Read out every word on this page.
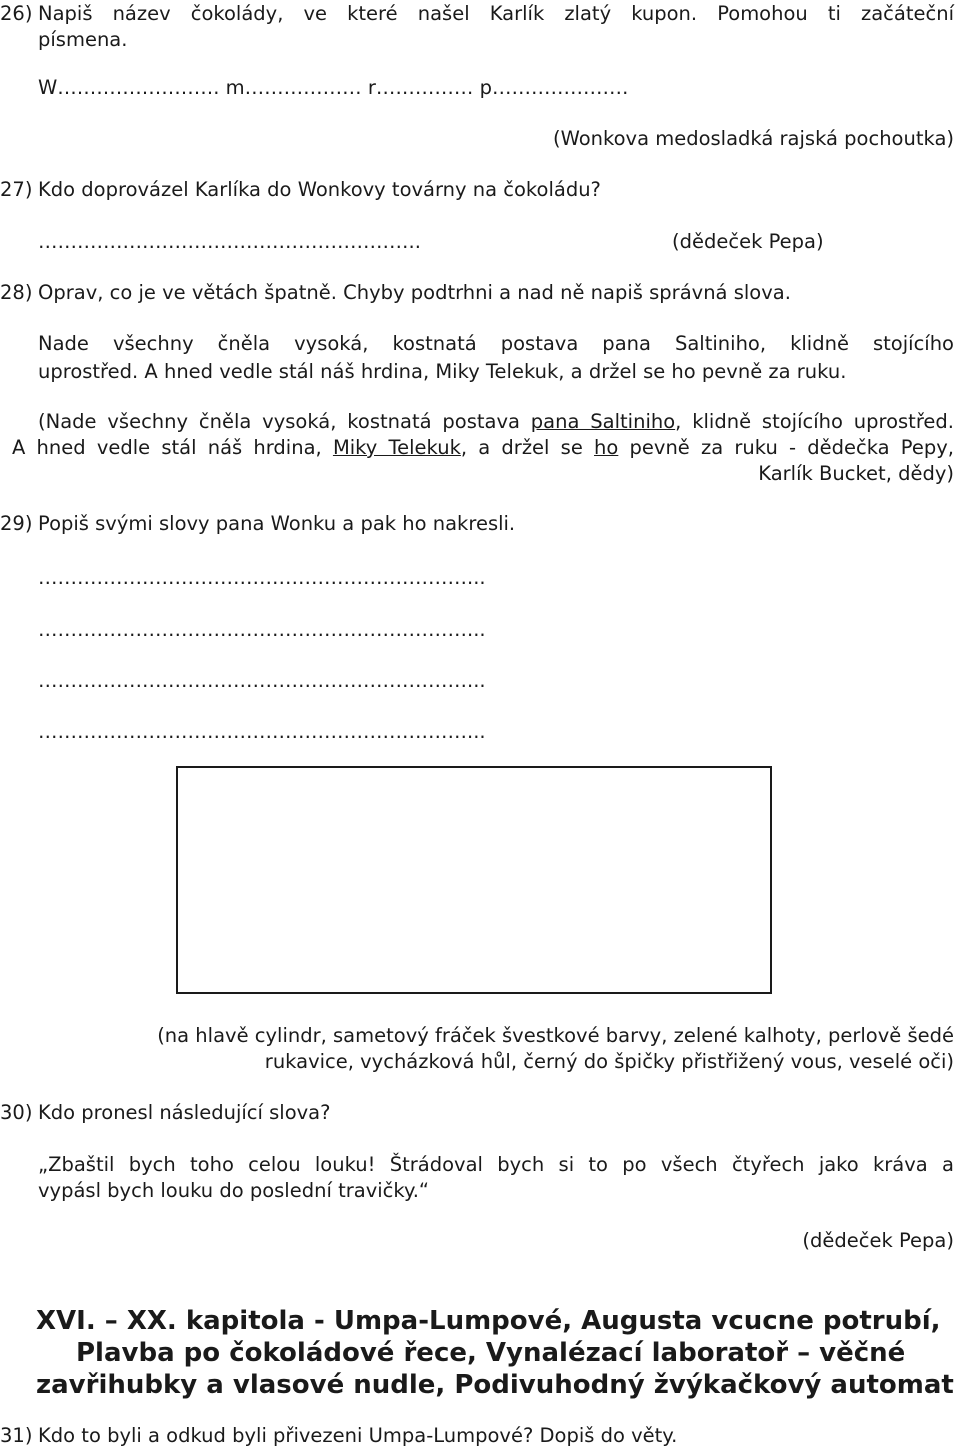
26) Napiš název čokolády, ve které našel Karlík zlatý kupon. Pomohou ti začáteční
písmena.
W……………………. m……………… r…………… p…………………
(Wonkova medosladká rajská pochoutka)
27) Kdo doprovázel Karlíka do Wonkovy továrny na čokoládu?
…………………………………………………..	(dědeček Pepa)
28) Oprav, co je ve větách špatně. Chyby podtrhni a nad ně napiš správná slova.
Nade všechny čněla vysoká, kostnatá postava pana Saltiniho, klidně stojícího
uprostřed. A hned vedle stál náš hrdina, Miky Telekuk, a držel se ho pevně za ruku.
(Nade všechny čněla vysoká, kostnatá postava pana Saltiniho, klidně stojícího uprostřed.
A hned vedle stál náš hrdina, Miky Telekuk, a držel se ho pevně za ruku - dědečka Pepy,
Karlík Bucket, dědy)
29) Popiš svými slovy pana Wonku a pak ho nakresli.
…………………………………………………………...
…………………………………………………………...
…………………………………………………………...
…………………………………………………………...
(na hlavě cylindr, sametový fráček švestkové barvy, zelené kalhoty, perlově šedé
rukavice, vycházková hůl, černý do špičky přistřižený vous, veselé oči)
30) Kdo pronesl následující slova?
„Zbaštil bych toho celou louku! Štrádoval bych si to po všech čtyřech jako kráva a
vypásl bych louku do poslední travičky.“
(dědeček Pepa)
XVI. – XX. kapitola - Umpa-Lumpové, Augusta vcucne potrubí,
Plavba po čokoládové řece, Vynalézací laboratoř – věčné
zavřihubky a vlasové nudle, Podivuhodný žvýkačkový automat
31) Kdo to byli a odkud byli přivezeni Umpa-Lumpové? Dopiš do věty.
